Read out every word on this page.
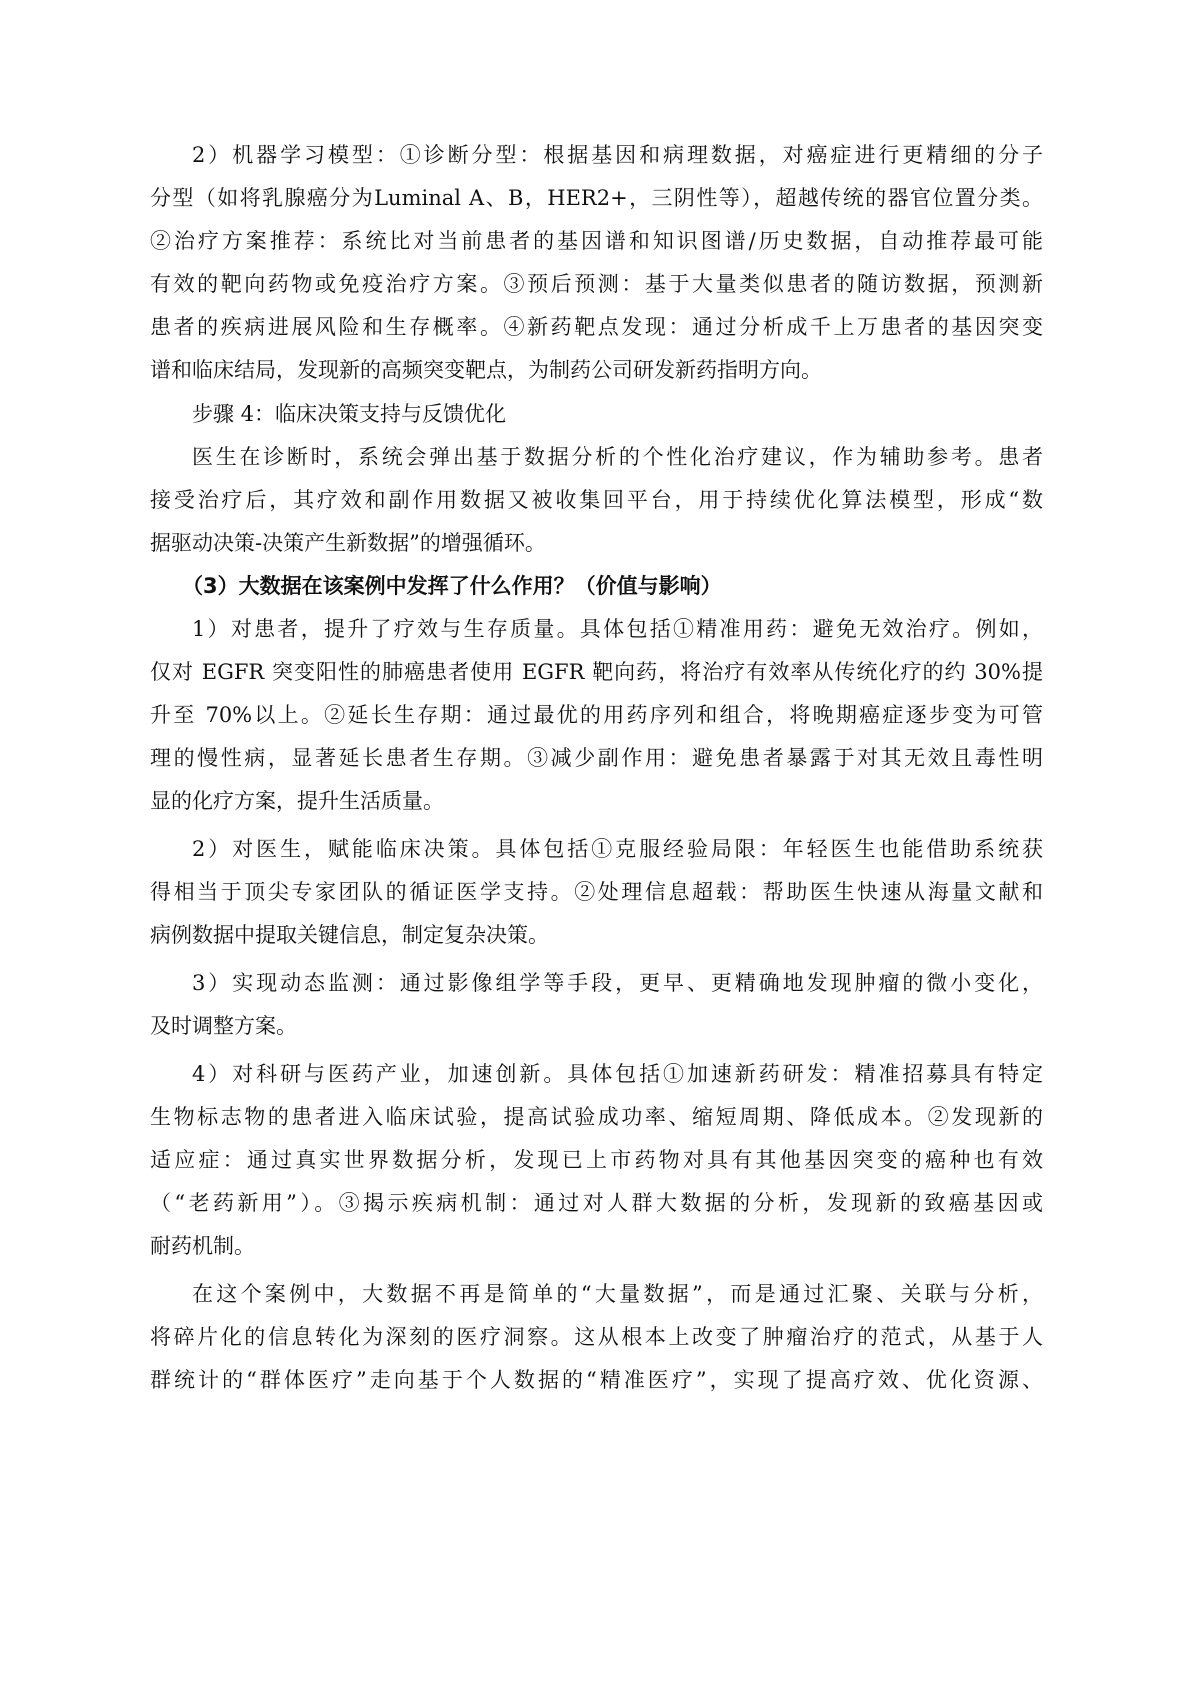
2）机器学习模型：①诊断分型：根据基因和病理数据，对癌症进行更精细的分子
分型（如将乳腺癌分为Luminal A、B，HER2+，三阴性等），超越传统的器官位置分类。
②治疗方案推荐：系统比对当前患者的基因谱和知识图谱/历史数据，自动推荐最可能
有效的靶向药物或免疫治疗方案。③预后预测：基于大量类似患者的随访数据，预测新
患者的疾病进展风险和生存概率。④新药靶点发现：通过分析成千上万患者的基因突变
谱和临床结局，发现新的高频突变靶点，为制药公司研发新药指明方向。
步骤 4：临床决策支持与反馈优化
医生在诊断时，系统会弹出基于数据分析的个性化治疗建议，作为辅助参考。患者
接受治疗后，其疗效和副作用数据又被收集回平台，用于持续优化算法模型，形成“数
据驱动决策-决策产生新数据”的增强循环。
（3）大数据在该案例中发挥了什么作用？（价值与影响）
1）对患者，提升了疗效与生存质量。具体包括①精准用药：避免无效治疗。例如，
仅对 EGFR 突变阳性的肺癌患者使用 EGFR 靶向药，将治疗有效率从传统化疗的约 30%提
升至 70%以上。②延长生存期：通过最优的用药序列和组合，将晚期癌症逐步变为可管
理的慢性病，显著延长患者生存期。③减少副作用：避免患者暴露于对其无效且毒性明
显的化疗方案，提升生活质量。
2）对医生，赋能临床决策。具体包括①克服经验局限：年轻医生也能借助系统获
得相当于顶尖专家团队的循证医学支持。②处理信息超载：帮助医生快速从海量文献和
病例数据中提取关键信息，制定复杂决策。
3）实现动态监测：通过影像组学等手段，更早、更精确地发现肿瘤的微小变化，
及时调整方案。
4）对科研与医药产业，加速创新。具体包括①加速新药研发：精准招募具有特定
生物标志物的患者进入临床试验，提高试验成功率、缩短周期、降低成本。②发现新的
适应症：通过真实世界数据分析，发现已上市药物对具有其他基因突变的癌种也有效
（“老药新用”）。③揭示疾病机制：通过对人群大数据的分析，发现新的致癌基因或
耐药机制。
在这个案例中，大数据不再是简单的“大量数据”，而是通过汇聚、关联与分析，
将碎片化的信息转化为深刻的医疗洞察。这从根本上改变了肿瘤治疗的范式，从基于人
群统计的“群体医疗”走向基于个人数据的“精准医疗”，实现了提高疗效、优化资源、
